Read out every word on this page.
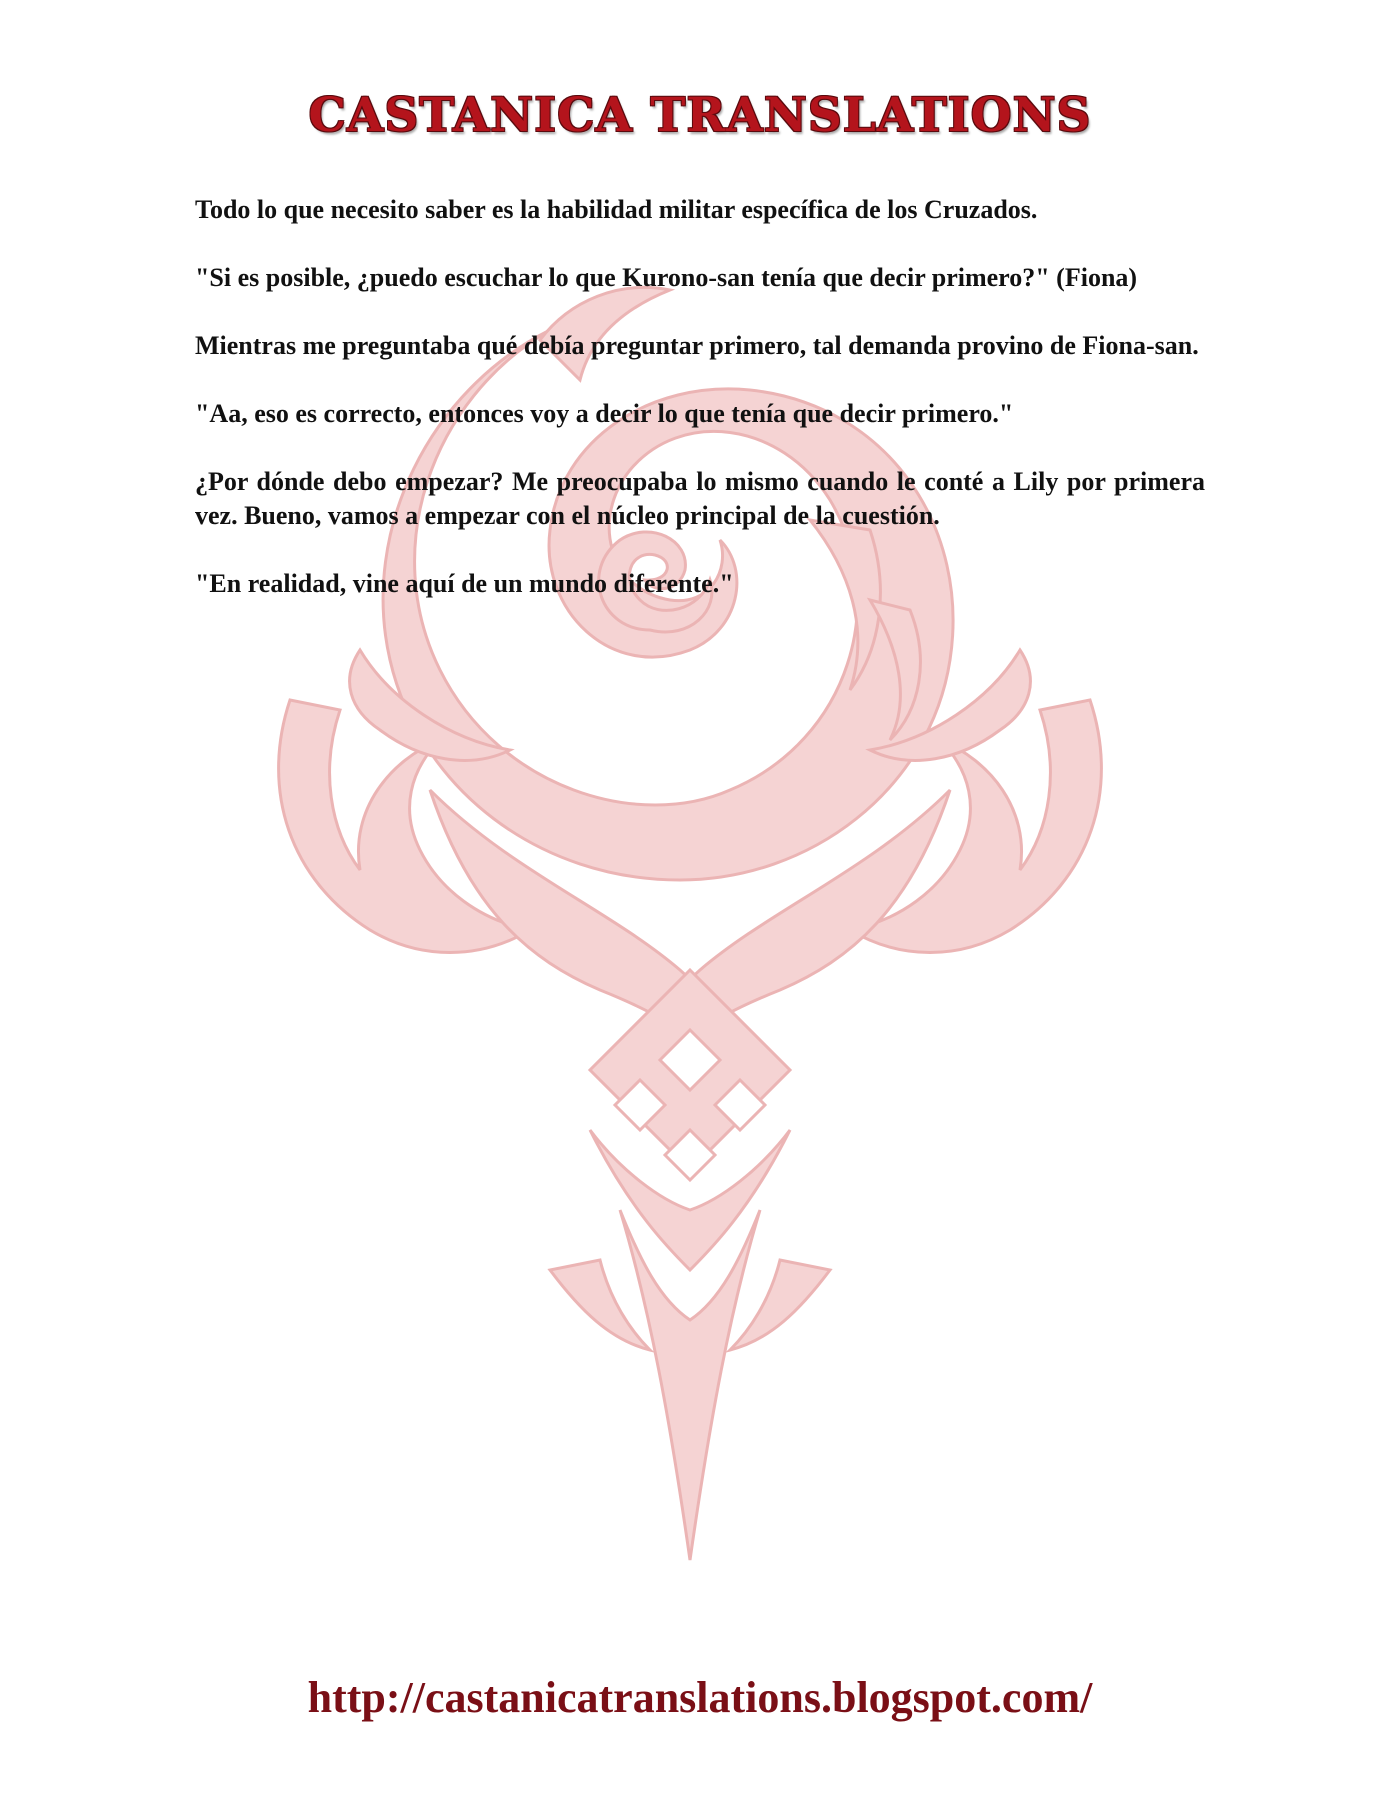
CASTANICA TRANSLATIONS

Todo lo que necesito saber es la habilidad militar específica de los Cruzados.

"Si es posible, ¿puedo escuchar lo que Kurono-san tenía que decir primero?" (Fiona)

Mientras me preguntaba qué debía preguntar primero, tal demanda provino de Fiona-san.

"Aa, eso es correcto, entonces voy a decir lo que tenía que decir primero."

¿Por dónde debo empezar? Me preocupaba lo mismo cuando le conté a Lily por primera vez. Bueno, vamos a empezar con el núcleo principal de la cuestión.

"En realidad, vine aquí de un mundo diferente."

http://castanicatranslations.blogspot.com/
